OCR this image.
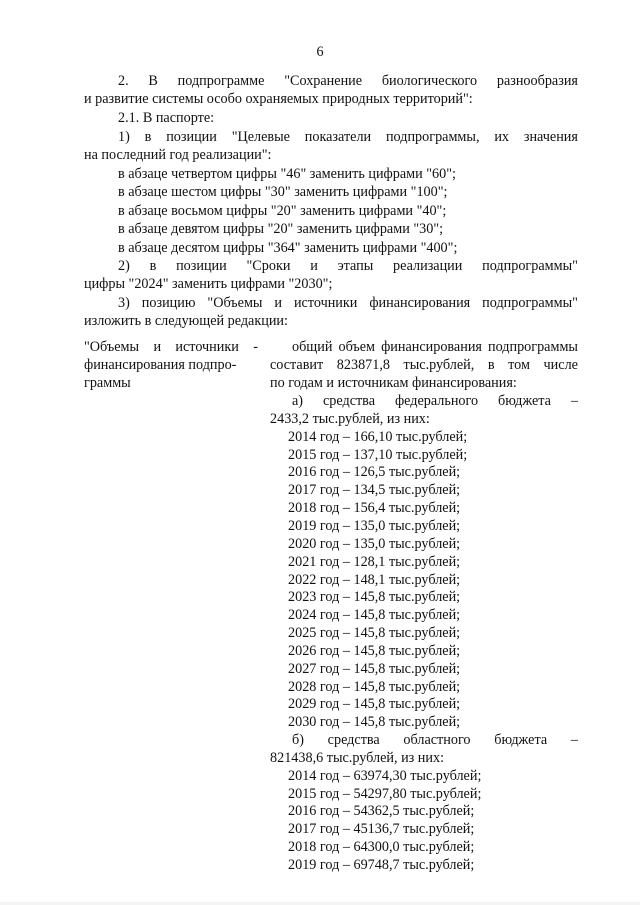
6
2. В подпрограмме "Сохранение биологического разнообразия
и развитие системы особо охраняемых природных территорий":
2.1. В паспорте:
1) в позиции "Целевые показатели подпрограммы, их значения
на последний год реализации":
в абзаце четвертом цифры "46" заменить цифрами "60";
в абзаце шестом цифры "30" заменить цифрами "100";
в абзаце восьмом цифры "20" заменить цифрами "40";
в абзаце девятом цифры "20" заменить цифрами "30";
в абзаце десятом цифры "364" заменить цифрами "400";
2) в позиции "Сроки и этапы реализации подпрограммы"
цифры "2024" заменить цифрами "2030";
3) позицию "Объемы и источники финансирования подпрограммы"
изложить в следующей редакции:
"Объемы и источники -
финансирования подпро-
граммы
общий объем финансирования подпрограммы
составит 823871,8 тыс.рублей, в том числе
по годам и источникам финансирования:
а) средства федерального бюджета –
2433,2 тыс.рублей, из них:
2014 год – 166,10 тыс.рублей;
2015 год – 137,10 тыс.рублей;
2016 год – 126,5 тыс.рублей;
2017 год – 134,5 тыс.рублей;
2018 год – 156,4 тыс.рублей;
2019 год – 135,0 тыс.рублей;
2020 год – 135,0 тыс.рублей;
2021 год – 128,1 тыс.рублей;
2022 год – 148,1 тыс.рублей;
2023 год – 145,8 тыс.рублей;
2024 год – 145,8 тыс.рублей;
2025 год – 145,8 тыс.рублей;
2026 год – 145,8 тыс.рублей;
2027 год – 145,8 тыс.рублей;
2028 год – 145,8 тыс.рублей;
2029 год – 145,8 тыс.рублей;
2030 год – 145,8 тыс.рублей;
б) средства областного бюджета –
821438,6 тыс.рублей, из них:
2014 год – 63974,30 тыс.рублей;
2015 год – 54297,80 тыс.рублей;
2016 год – 54362,5 тыс.рублей;
2017 год – 45136,7 тыс.рублей;
2018 год – 64300,0 тыс.рублей;
2019 год – 69748,7 тыс.рублей;
